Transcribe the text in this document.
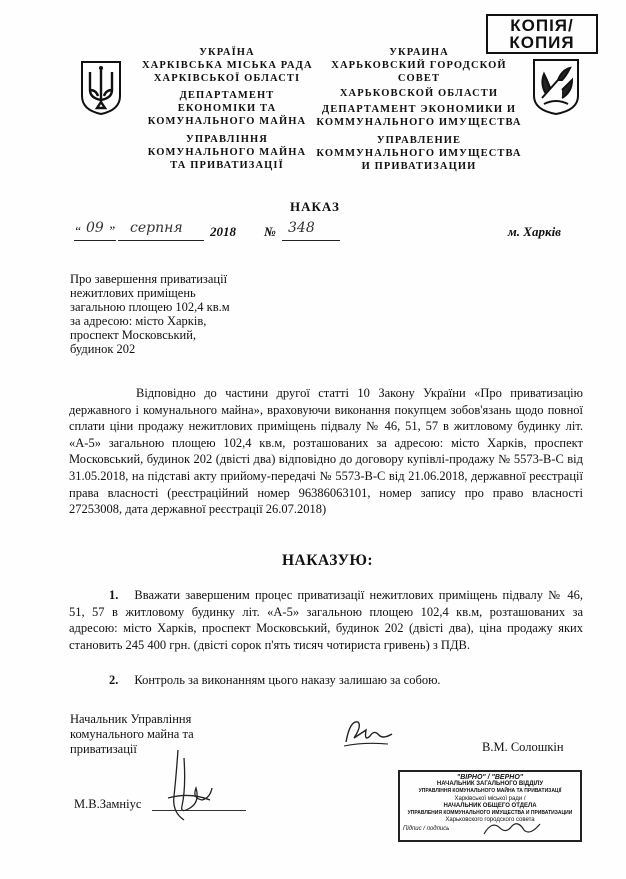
УКРАЇНА
ХАРКІВСЬКА МІСЬКА РАДА
ХАРКІВСЬКОЇ ОБЛАСТІ
ДЕПАРТАМЕНТ
ЕКОНОМІКИ ТА
КОМУНАЛЬНОГО МАЙНА
УПРАВЛІННЯ
КОМУНАЛЬНОГО МАЙНА
ТА ПРИВАТИЗАЦІЇ
УКРАИНА
ХАРЬКОВСКИЙ ГОРОДСКОЙ
СОВЕТ
ХАРЬКОВСКОЙ ОБЛАСТИ
ДЕПАРТАМЕНТ ЭКОНОМИКИ И
КОММУНАЛЬНОГО ИМУЩЕСТВА
УПРАВЛЕНИЕ
КОММУНАЛЬНОГО ИМУЩЕСТВА
И ПРИВАТИЗАЦИИ
КОПІЯ/
КОПИЯ
НАКАЗ
“ 09 ” серпня 2018 № 348	м. Харків
Про завершення приватизації
нежитлових приміщень
загальною площею 102,4 кв.м
за адресою: місто Харків,
проспект Московський,
будинок 202
Відповідно до частини другої статті 10 Закону України «Про приватизацію державного і комунального майна», враховуючи виконання покупцем зобов'язань щодо повної сплати ціни продажу нежитлових приміщень підвалу № 46, 51, 57 в житловому будинку літ. «А-5» загальною площею 102,4 кв.м, розташованих за адресою: місто Харків, проспект Московський, будинок 202 (двісті два) відповідно до договору купівлі-продажу № 5573-В-С від 31.05.2018, на підставі акту прийому-передачі № 5573-В-С від 21.06.2018, державної реєстрації права власності (реєстраційний номер 96386063101, номер запису про право власності 27253008, дата державної реєстрації 26.07.2018)
НАКАЗУЮ:
1. Вважати завершеним процес приватизації нежитлових приміщень підвалу № 46, 51, 57 в житловому будинку літ. «А-5» загальною площею 102,4 кв.м, розташованих за адресою: місто Харків, проспект Московський, будинок 202 (двісті два), ціна продажу яких становить 245 400 грн. (двісті сорок п'ять тисяч чотириста гривень) з ПДВ.
2. Контроль за виконанням цього наказу залишаю за собою.
Начальник Управління
комунального майна та
приватизації	В.М. Солошкін
М.В.Замніус
"ВІРНО" / "ВЕРНО"
НАЧАЛЬНИК ЗАГАЛЬНОГО ВІДДІЛУ
УПРАВЛІННЯ КОМУНАЛЬНОГО МАЙНА ТА ПРИВАТИЗАЦІЇ
Харківської міської ради /
НАЧАЛЬНИК ОБЩЕГО ОТДЕЛА
УПРАВЛЕНИЯ КОММУНАЛЬНОГО ИМУЩЕСТВА И ПРИВАТИЗАЦИИ
Харьковского городского совета
Підпис / подпись
